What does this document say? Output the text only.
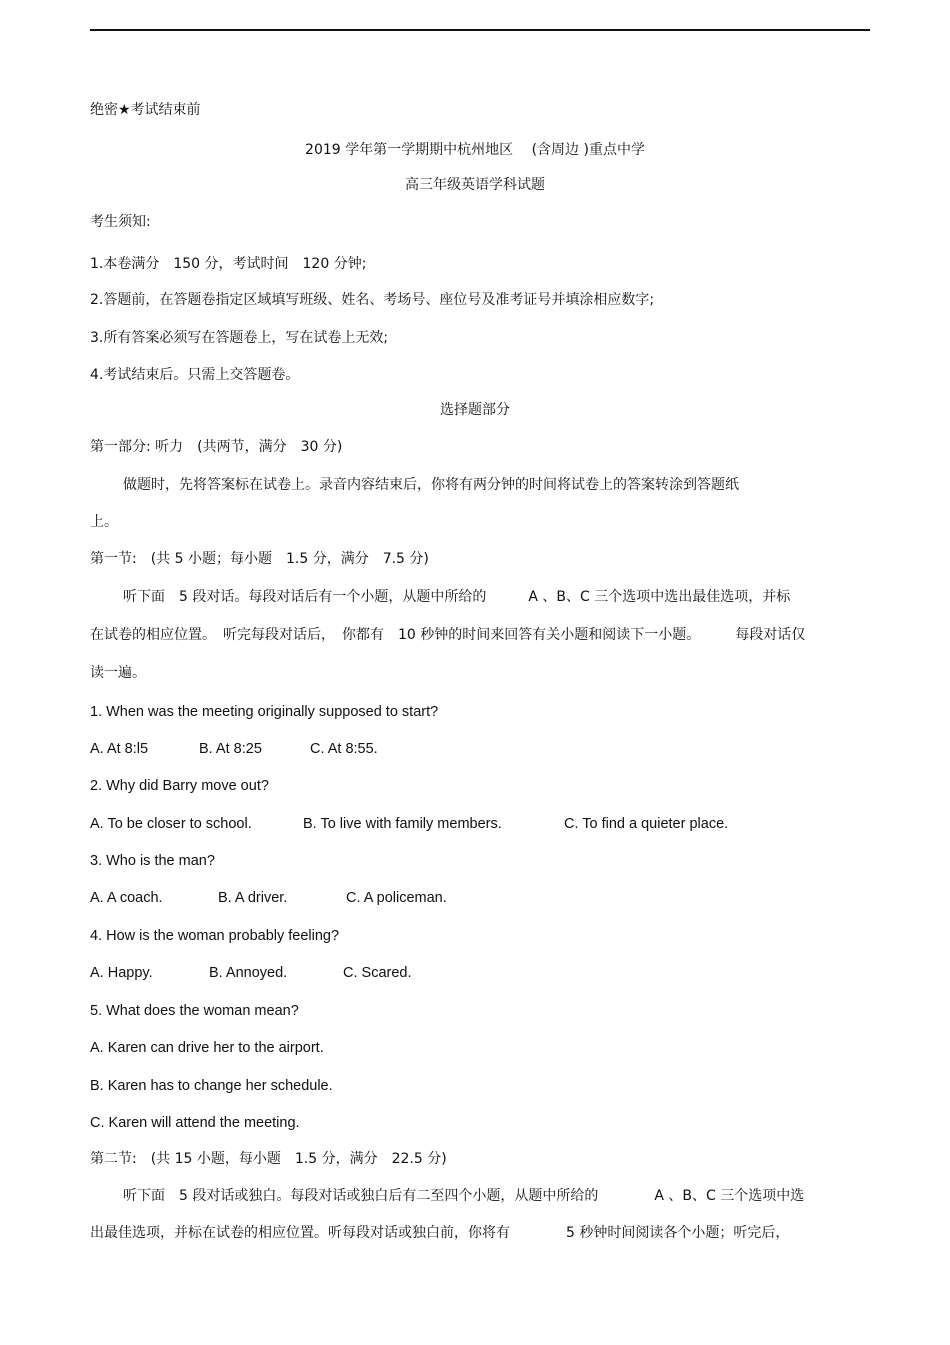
绝密★考试结束前
2019 学年第一学期期中杭州地区　 (含周边 )重点中学
高三年级英语学科试题
考生须知:
1.本卷满分　150 分，考试时间　120 分钟;
2.答题前，在答题卷指定区域填写班级、姓名、考场号、座位号及准考证号并填涂相应数字;
3.所有答案必须写在答题卷上，写在试卷上无效;
4.考试结束后。只需上交答题卷。
选择题部分
第一部分: 听力　(共两节，满分　30 分)
做题时，先将答案标在试卷上。录音内容结束后，你将有两分钟的时间将试卷上的答案转涂到答题纸
上。
第一节:　(共 5 小题；每小题　1.5 分，满分　7.5 分)
听下面　5 段对话。每段对话后有一个小题，从题中所给的　　　A 、B、C 三个选项中选出最佳选项，并标
在试卷的相应位置。　听完每段对话后，　你都有　10 秒钟的时间来回答有关小题和阅读下一小题。　　　每段对话仅
读一遍。
1. When was the meeting originally supposed to start?
A. At 8:l5	B. At 8:25	C. At 8:55.
2. Why did Barry move out?
A. To be closer to school.	B. To live with family members.	C. To find a quieter place.
3. Who is the man?
A. A coach.	B. A driver.	C. A policeman.
4. How is the woman probably feeling?
A. Happy.	B. Annoyed.	C. Scared.
5. What does the woman mean?
A. Karen can drive her to the airport.
B. Karen has to change her schedule.
C. Karen will attend the meeting.
第二节:　(共 15 小题，每小题　1.5 分，满分　22.5 分)
听下面　5 段对话或独白。每段对话或独白后有二至四个小题，从题中所给的　　　　A 、B、C 三个选项中选
出最佳选项，并标在试卷的相应位置。听每段对话或独白前，你将有　　　　5 秒钟时间阅读各个小题；听完后，
